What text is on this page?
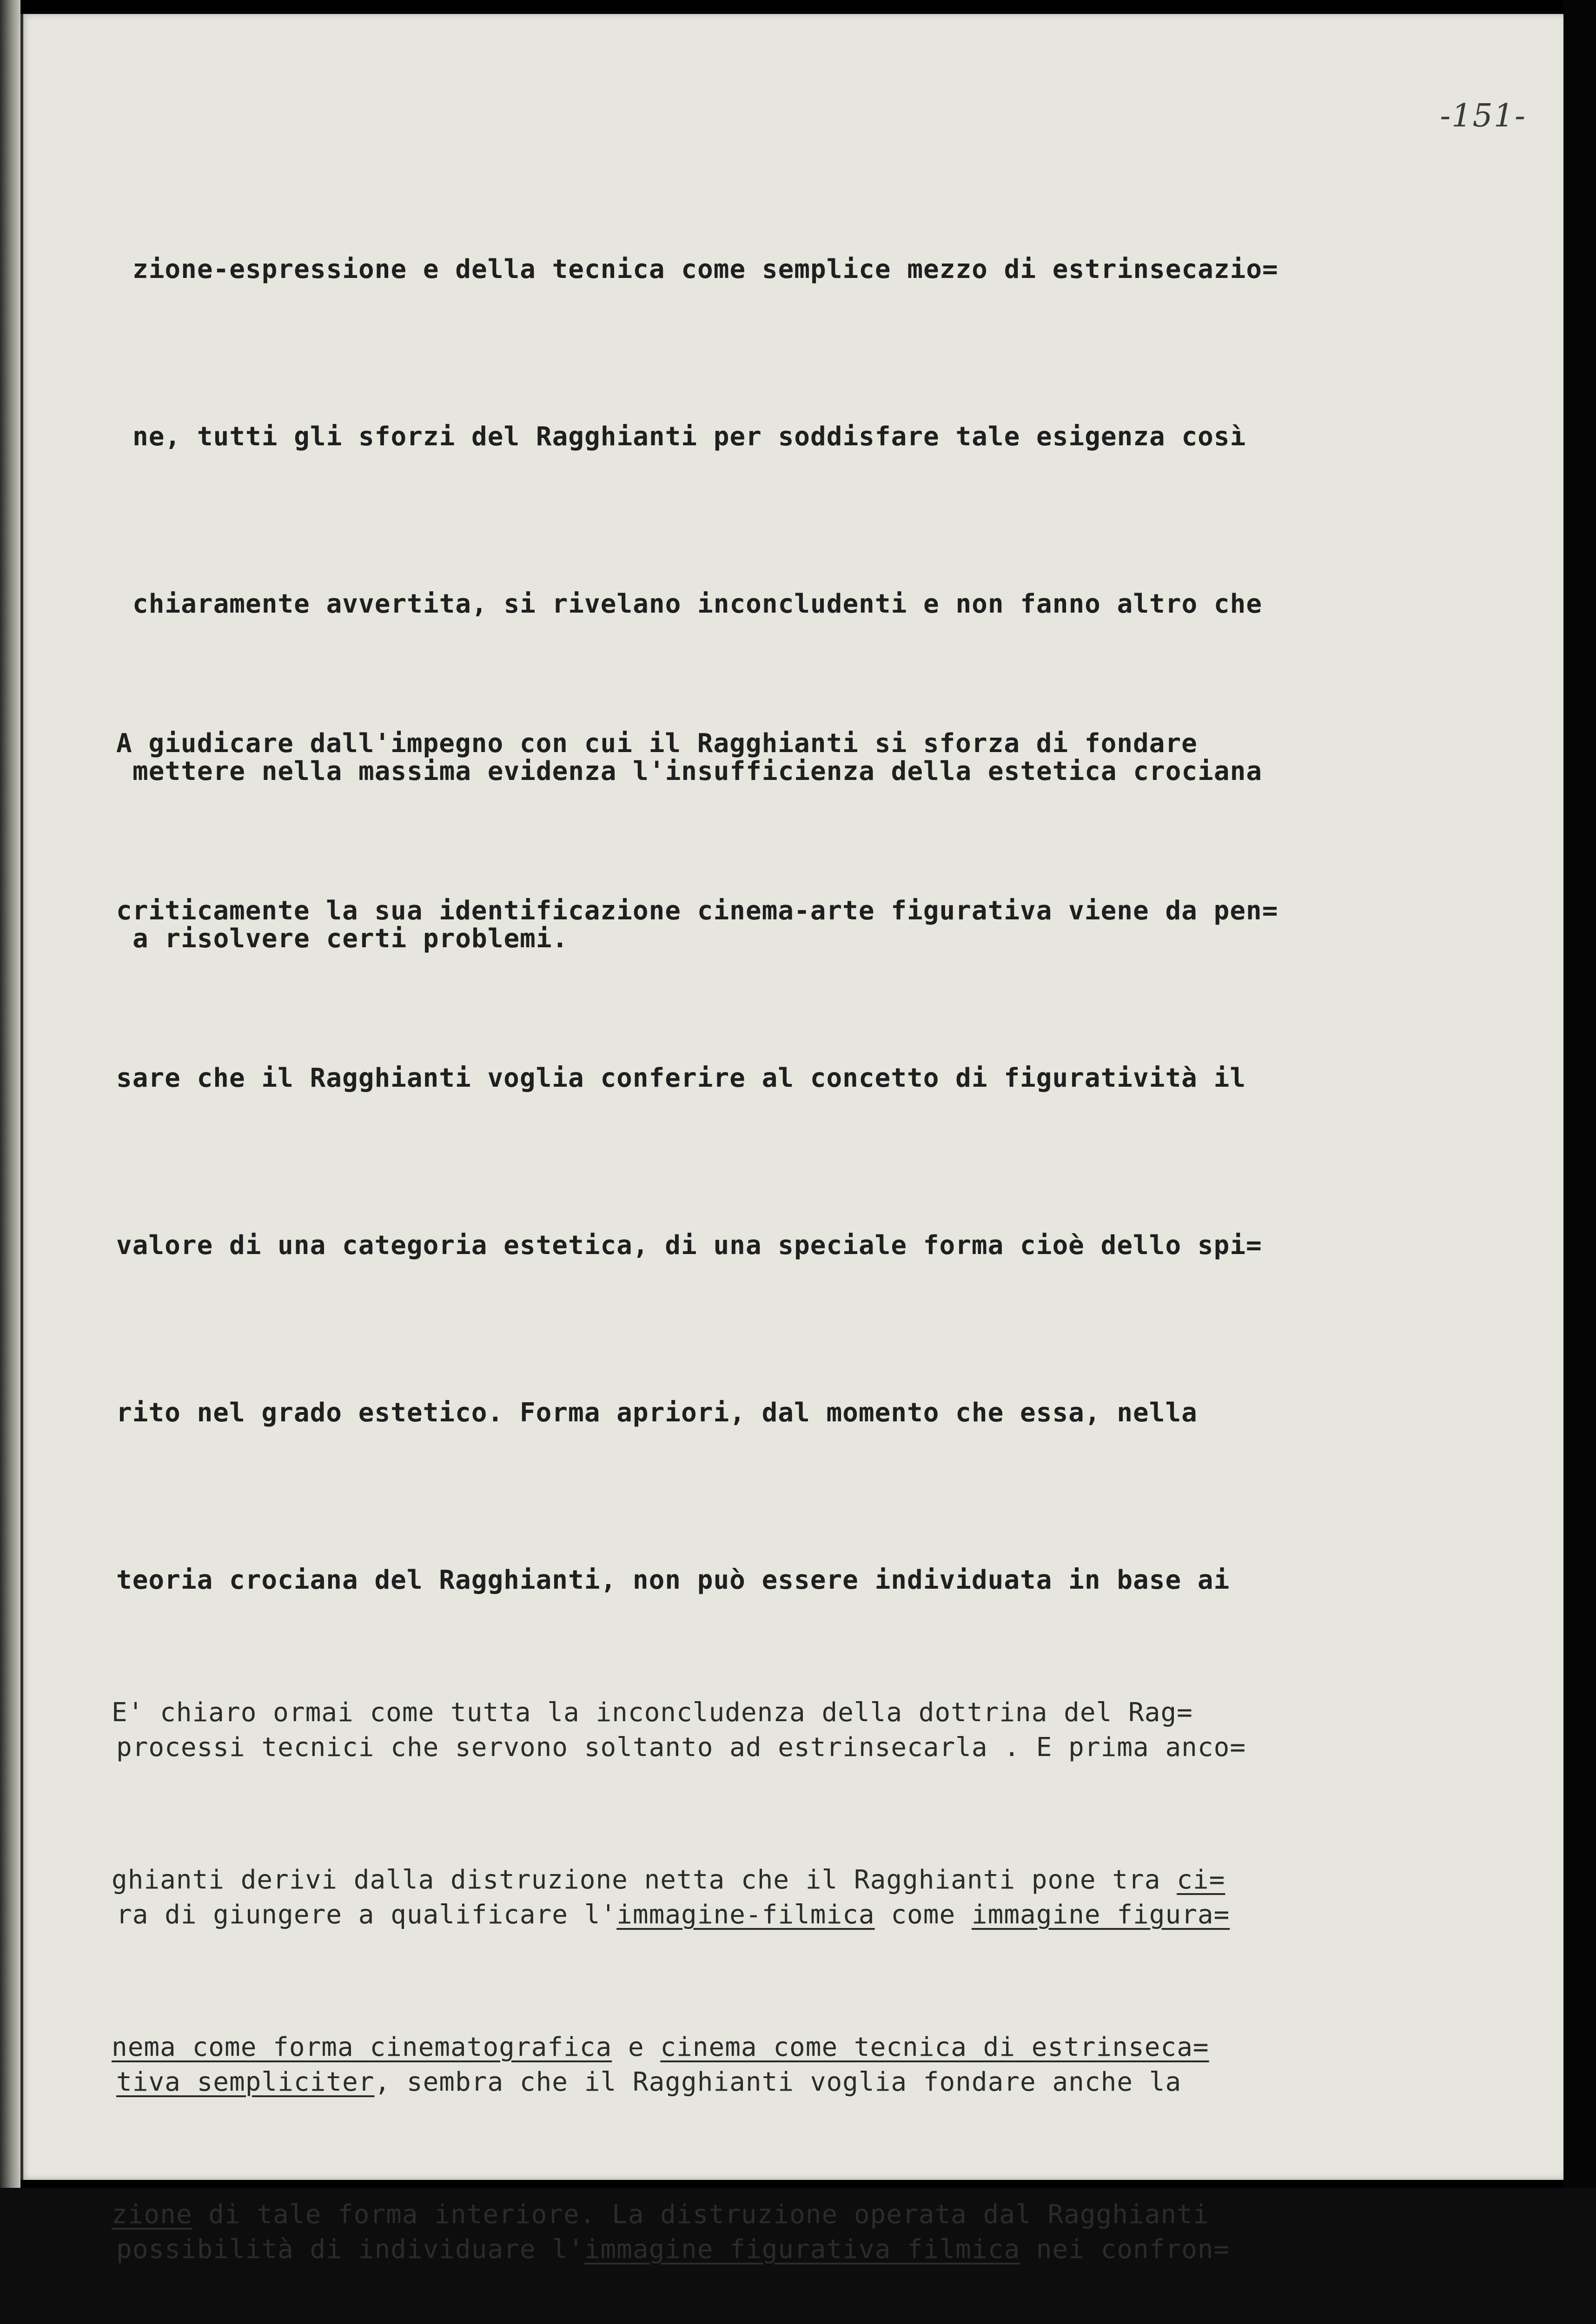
-151-

zione-espressione e della tecnica come semplice mezzo di estrinsecazio=

ne, tutti gli sforzi del Ragghianti per soddisfare tale esigenza così

chiaramente avvertita, si rivelano inconcludenti e non fanno altro che

mettere nella massima evidenza l'insufficienza della estetica crociana

a risolvere certi problemi.

A giudicare dall'impegno con cui il Ragghianti si sforza di fondare

criticamente la sua identificazione cinema-arte figurativa viene da pen=

sare che il Ragghianti voglia conferire al concetto di figuratività il

valore di una categoria estetica, di una speciale forma cioè dello spi=

rito nel grado estetico. Forma apriori, dal momento che essa, nella

teoria crociana del Ragghianti, non può essere individuata in base ai

processi tecnici che servono soltanto ad estrinsecarla . E prima anco=

ra di giungere a qualificare l'immagine-filmica come immagine figura=

tiva sempliciter, sembra che il Ragghianti voglia fondare anche la

possibilità di individuare l'immagine figurativa filmica nei confron=

E' chiaro ormai come tutta la inconcludenza della dottrina del Rag=

ghianti derivi dalla distruzione netta che il Ragghianti pone tra ci=

nema come forma cinematografica e cinema come tecnica di estrinseca=

zione di tale forma interiore. La distruzione operata dal Ragghianti
